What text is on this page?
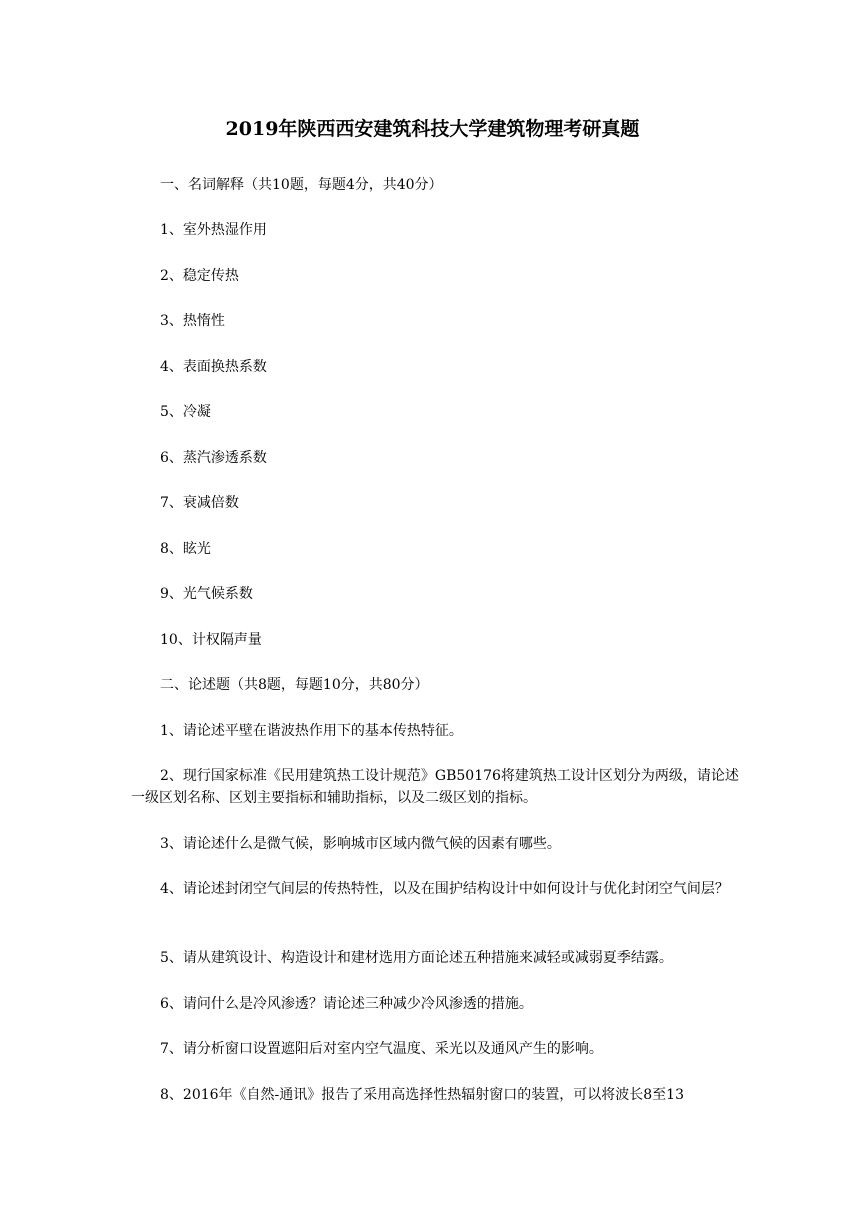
2019年陕西西安建筑科技大学建筑物理考研真题
一、名词解释（共10题，每题4分，共40分）
1、室外热湿作用
2、稳定传热
3、热惰性
4、表面换热系数
5、冷凝
6、蒸汽渗透系数
7、衰减倍数
8、眩光
9、光气候系数
10、计权隔声量
二、论述题（共8题，每题10分，共80分）
1、请论述平壁在谐波热作用下的基本传热特征。
2、现行国家标准《民用建筑热工设计规范》GB50176将建筑热工设计区划分为两级，请论述一级区划名称、区划主要指标和辅助指标，以及二级区划的指标。
3、请论述什么是微气候，影响城市区域内微气候的因素有哪些。
4、请论述封闭空气间层的传热特性，以及在围护结构设计中如何设计与优化封闭空气间层？
5、请从建筑设计、构造设计和建材选用方面论述五种措施来减轻或减弱夏季结露。
6、请问什么是冷风渗透？请论述三种减少冷风渗透的措施。
7、请分析窗口设置遮阳后对室内空气温度、采光以及通风产生的影响。
8、2016年《自然-通讯》报告了采用高选择性热辐射窗口的装置，可以将波长8至13
